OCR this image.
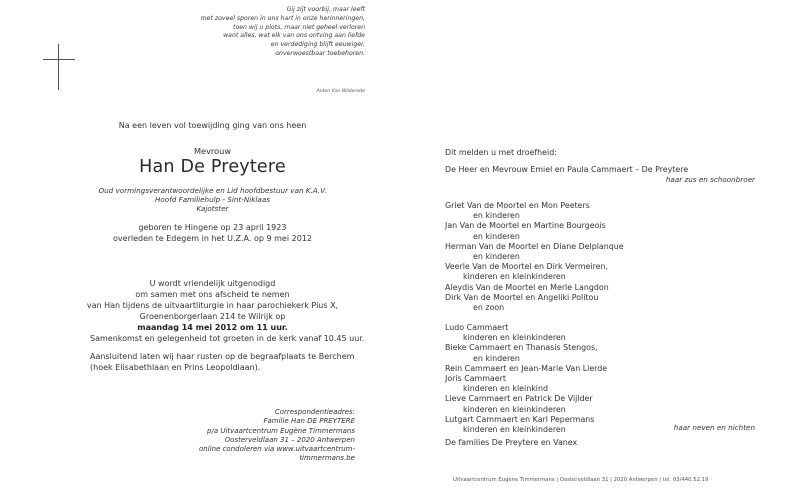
Gij zijt voorbij, maar leeft
met zoveel sporen in ons hart in onze herinneringen,
toen wij u plots, maar niet geheel verloren
want alles, wat elk van ons ontving aan liefde
en verdediging blijft eeuwiger,
onverwoestbaar toebehoren.
Anton Van Wilderode
Na een leven vol toewijding ging van ons heen
Mevrouw
Han De Preytere
Oud vormingsverantwoordelijke en Lid hoofdbestuur van K.A.V.
Hoofd Familiehulp - Sint-Niklaas
Kajotster
geboren te Hingene op 23 april 1923
overleden te Edegem in het U.Z.A. op 9 mei 2012
U wordt vriendelijk uitgenodigd
om samen met ons afscheid te nemen
van Han tijdens de uitvaartliturgie in haar parochiekerk Pius X,
Groenenborgerlaan 214 te Wilrijk op
maandag 14 mei 2012 om 11 uur.
Samenkomst en gelegenheid tot groeten in de kerk vanaf 10.45 uur.
Aansluitend laten wij haar rusten op de begraafplaats te Berchem
(hoek Elisabethlaan en Prins Leopoldlaan).
Correspondentieadres:
Familie Han DE PREYTERE
p/a Uitvaartcentrum Eugène Timmermans
Oosterveldlaan 31 – 2020 Antwerpen
online condoleren via www.uitvaartcentrum-timmermans.be
Dit melden u met droefheid:
De Heer en Mevrouw Emiel en Paula Cammaert – De Preytere
haar zus en schoonbroer
Griet Van de Moortel en Mon Peeters
en kinderen
Jan Van de Moortel en Martine Bourgeois
en kinderen
Herman Van de Moortel en Diane Delplanque
en kinderen
Veerle Van de Moortel en Dirk Vermeiren,
kinderen en kleinkinderen
Aleydis Van de Moortel en Merle Langdon
Dirk Van de Moortel en Angeliki Politou
en zoon
Ludo Cammaert
kinderen en kleinkinderen
Bieke Cammaert en Thanasis Stengos,
en kinderen
Rein Cammaert en Jean-Marie Van Lierde
Joris Cammaert
kinderen en kleinkind
Lieve Cammaert en Patrick De Vijlder
kinderen en kleinkinderen
Lutgart Cammaert en Karl Pepermans
kinderen en kleinkinderen	haar neven en nichten
De families De Preytere en Vanex
Uitvaartcentrum Eugène Timmermans | Oosterveldlaan 31 | 2020 Antwerpen | tel. 03/440.52.19
